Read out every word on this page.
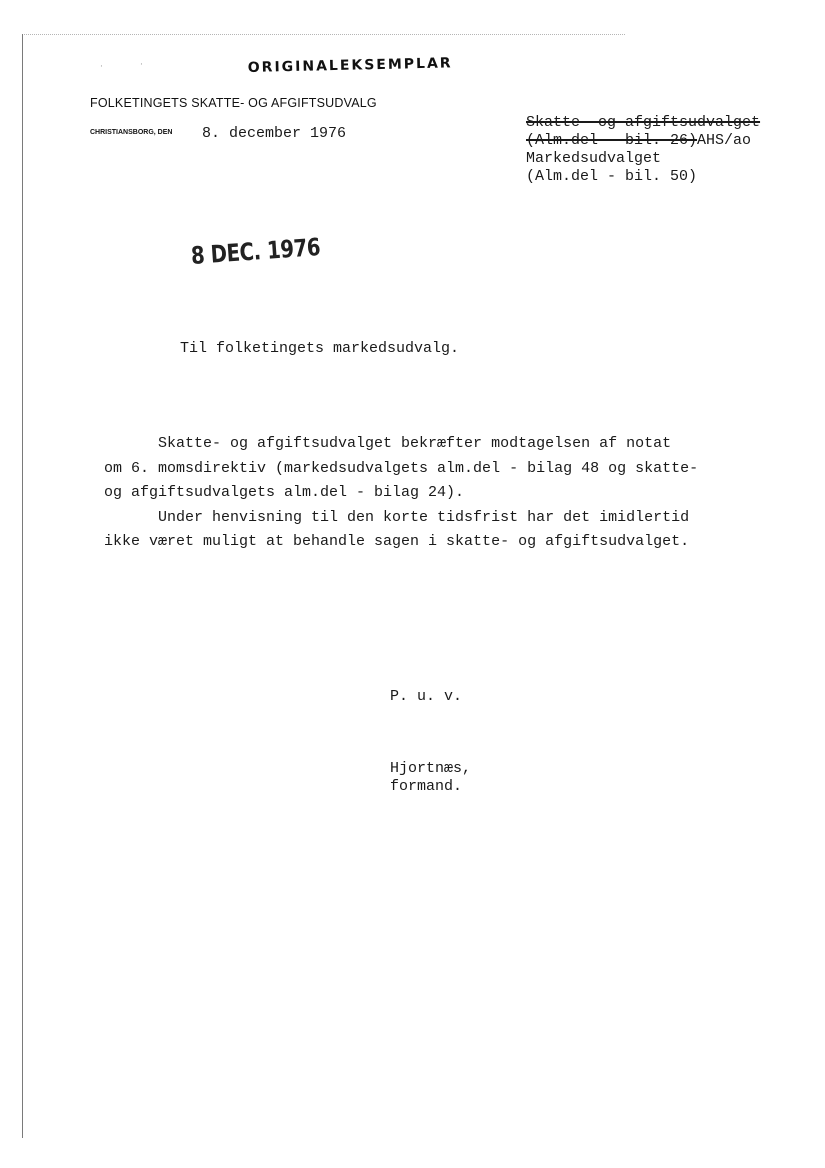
·	·	ORIGINALEKSEMPLAR
FOLKETINGETS SKATTE- OG AFGIFTSUDVALG
CHRISTIANSBORG, DEN 8. december 1976
Skatte- og afgiftsudvalget
(Alm.del - bil. 26)AHS/ao
Markedsudvalget
(Alm.del - bil. 50)
8 DEC. 1976
Til folketingets markedsudvalg.
Skatte- og afgiftsudvalget bekræfter modtagelsen af notat
om 6. momsdirektiv (markedsudvalgets alm.del - bilag 48 og skatte-
og afgiftsudvalgets alm.del - bilag 24).
Under henvisning til den korte tidsfrist har det imidlertid
ikke været muligt at behandle sagen i skatte- og afgiftsudvalget.
P. u. v.
Hjortnæs,
formand.
